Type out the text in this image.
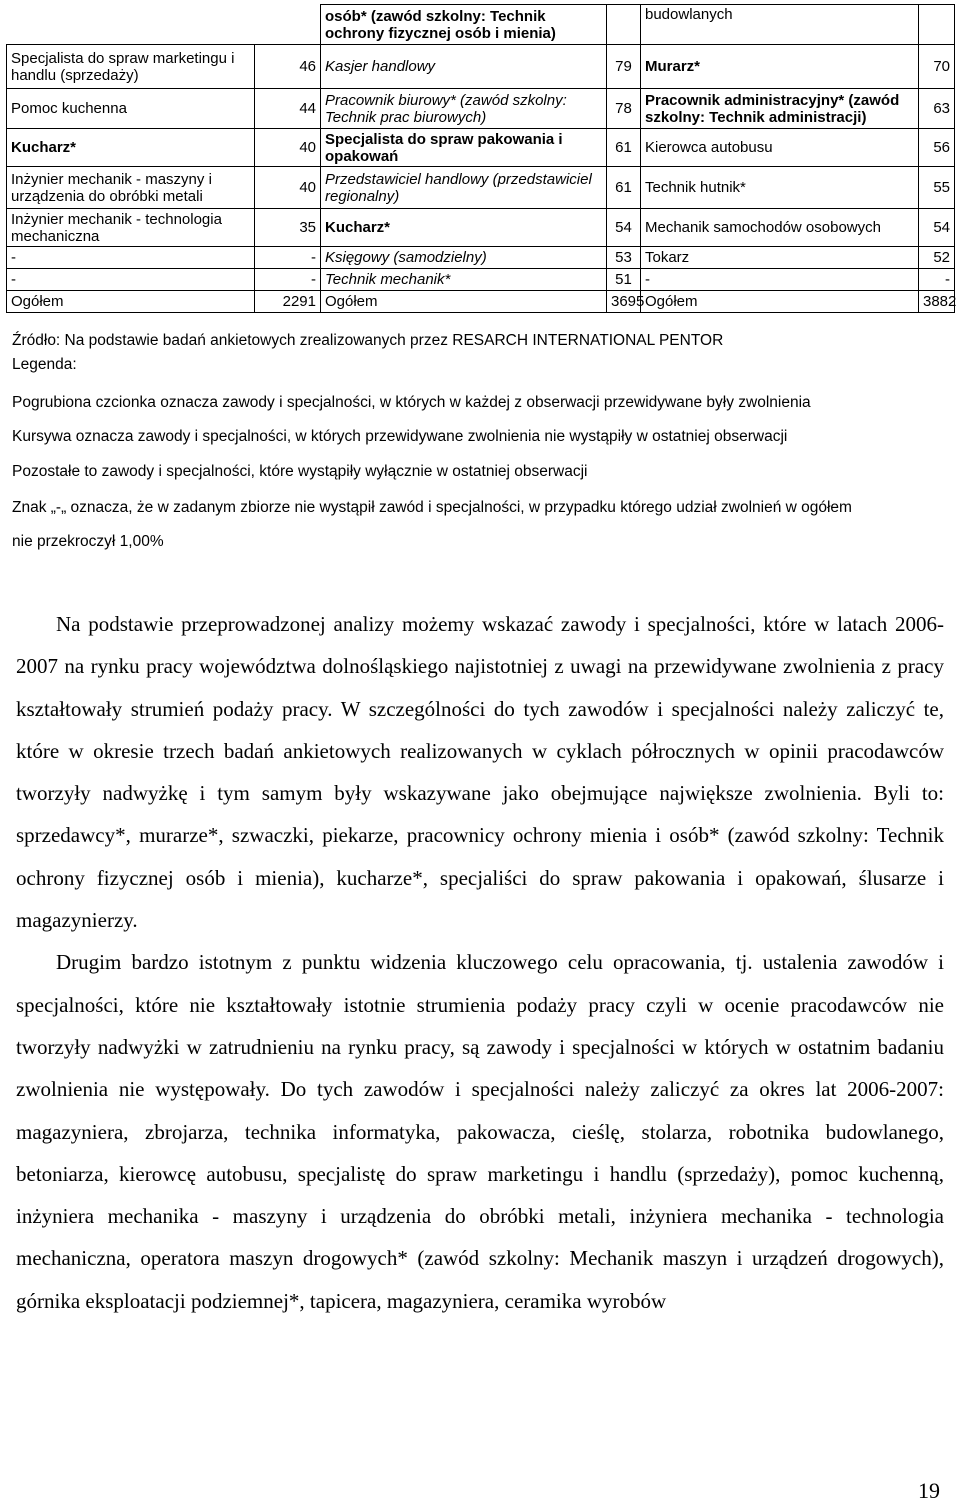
		osób* (zawód szkolny: Technik ochrony fizycznej osób i mienia)		budowlanych	
Specjalista do spraw marketingu i handlu (sprzedaży)	46	Kasjer handlowy	79	Murarz*	70
Pomoc kuchenna	44	Pracownik biurowy* (zawód szkolny: Technik prac biurowych)	78	Pracownik administracyjny* (zawód szkolny: Technik administracji)	63
Kucharz*	40	Specjalista do spraw pakowania i opakowań	61	Kierowca autobusu	56
Inżynier mechanik - maszyny i urządzenia do obróbki metali	40	Przedstawiciel handlowy (przedstawiciel regionalny)	61	Technik hutnik*	55
Inżynier mechanik - technologia mechaniczna	35	Kucharz*	54	Mechanik samochodów osobowych	54
-	-	Księgowy (samodzielny)	53	Tokarz	52
-	-	Technik mechanik*	51	-	-
Ogółem	2291	Ogółem	3695	Ogółem	3882
Źródło: Na podstawie badań ankietowych zrealizowanych przez RESARCH INTERNATIONAL PENTOR
Legenda:
Pogrubiona czcionka oznacza zawody i specjalności, w których w każdej z obserwacji przewidywane były zwolnienia
Kursywa oznacza zawody i specjalności, w których przewidywane zwolnienia nie wystąpiły w ostatniej obserwacji
Pozostałe to zawody i specjalności, które wystąpiły wyłącznie w ostatniej obserwacji
Znak „-„ oznacza, że w zadanym zbiorze nie wystąpił zawód i specjalności, w przypadku którego udział zwolnień w ogółem
nie przekroczył 1,00%

Na podstawie przeprowadzonej analizy możemy wskazać zawody i specjalności, które w latach 2006-2007 na rynku pracy województwa dolnośląskiego najistotniej z uwagi na przewidywane zwolnienia z pracy kształtowały strumień podaży pracy. W szczególności do tych zawodów i specjalności należy zaliczyć te, które w okresie trzech badań ankietowych realizowanych w cyklach półrocznych w opinii pracodawców tworzyły nadwyżkę i tym samym były wskazywane jako obejmujące największe zwolnienia. Byli to: sprzedawcy*, murarze*, szwaczki, piekarze, pracownicy ochrony mienia i osób* (zawód szkolny: Technik ochrony fizycznej osób i mienia), kucharze*, specjaliści do spraw pakowania i opakowań, ślusarze i magazynierzy.

Drugim bardzo istotnym z punktu widzenia kluczowego celu opracowania, tj. ustalenia zawodów i specjalności, które nie kształtowały istotnie strumienia podaży pracy czyli w ocenie pracodawców nie tworzyły nadwyżki w zatrudnieniu na rynku pracy, są zawody i specjalności w których w ostatnim badaniu zwolnienia nie występowały. Do tych zawodów i specjalności należy zaliczyć za okres lat 2006-2007: magazyniera, zbrojarza, technika informatyka, pakowacza, cieślę, stolarza, robotnika budowlanego, betoniarza, kierowcę autobusu, specjalistę do spraw marketingu i handlu (sprzedaży), pomoc kuchenną, inżyniera mechanika - maszyny i urządzenia do obróbki metali, inżyniera mechanika - technologia mechaniczna, operatora maszyn drogowych* (zawód szkolny: Mechanik maszyn i urządzeń drogowych), górnika eksploatacji podziemnej*, tapicera, magazyniera, ceramika wyrobów

19
